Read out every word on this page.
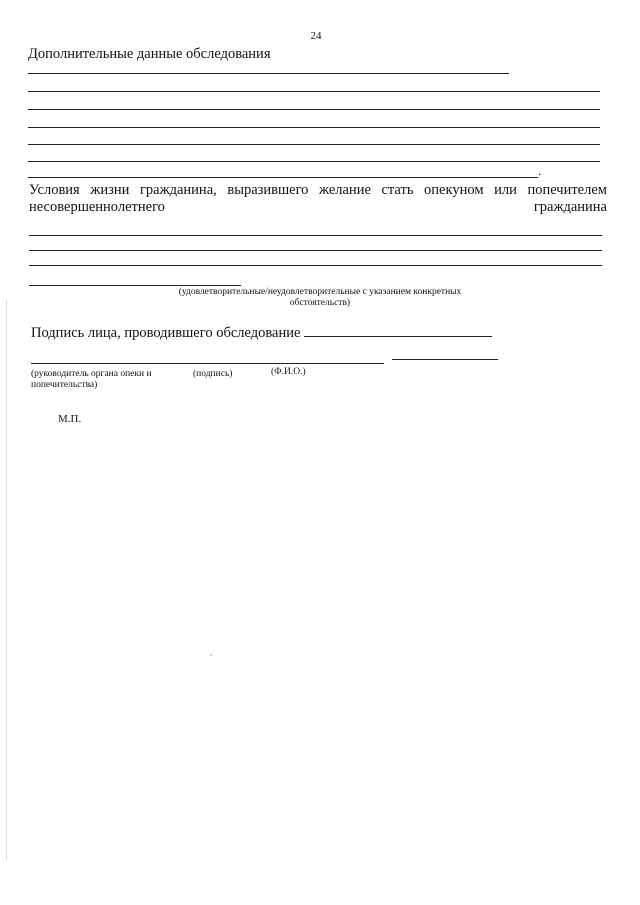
24
Дополнительные данные обследования
.
Условия жизни гражданина, выразившего желание стать опекуном или попечителем
несовершеннолетнего	гражданина
(удовлетворительные/неудовлетворительные с указанием конкретных обстоятельств)
Подпись лица, проводившего обследование
(руководитель органа опеки и попечительства)
(подпись)	(Ф.И.О.)
М.П.
